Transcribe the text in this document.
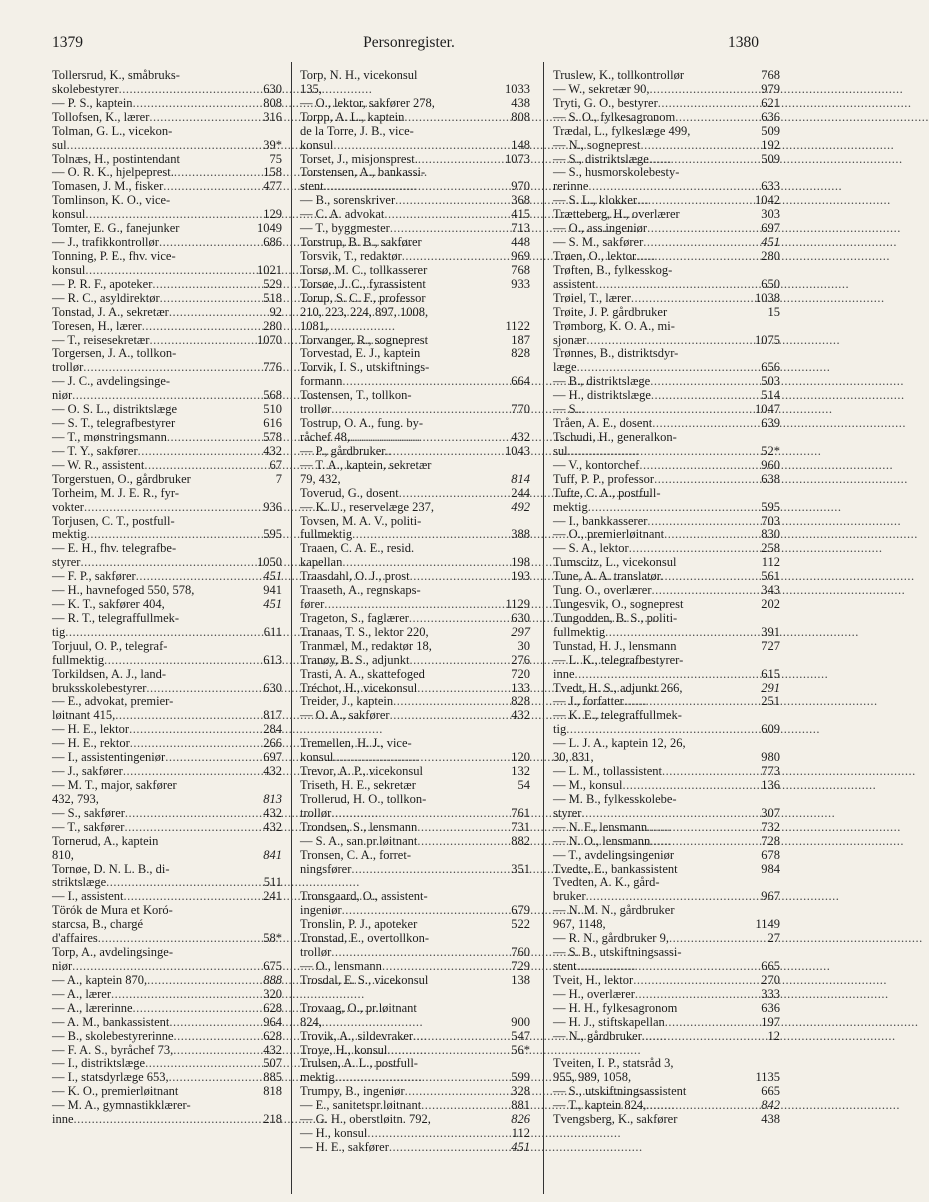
1379	Personregister.	1380
Tollersrud, K., småbruks-
skolebestyrer .....	630
— P. S., kaptein .....	808
Tollofsen, K., lærer .....	316
Tolman, G. L., vicekon-
sul .....	39*
Tolnæs, H., postintendant	75
— O. R. K., hjelpeprest. .....	158
Tomasen, J. M., fisker .....	477
Tomlinson, K. O., vice-
konsul .....	129
Tomter, E. G., fanejunker	1049
— J., trafikkontrollør .....	686
Tonning, P. E., fhv. vice-
konsul .....	1021
— P. R. F., apoteker .....	529
— R. C., asyldirektør .....	518
Tonstad, J. A., sekretær .....	92
Toresen, H., lærer .....	280
— T., reisesekretær .....	1070
Torgersen, J. A., tollkon-
trollør .....	776
— J. C., avdelingsinge-
niør .....	568
— O. S. L., distriktslæge	510
— S. T., telegrafbestyrer	616
— T., mønstringsmann .....	578
— T. Y., sakfører .....	432
— W. R., assistent .....	67
Torgerstuen, O., gårdbruker	7
Torheim, M. J. E. R., fyr-
vokter .....	936
Torjusen, C. T., postfull-
mektig .....	595
— E. H., fhv. telegrafbe-
styrer .....	1050
— F. P., sakfører .....	451
— H., havnefoged 550, 578,	941
— K. T., sakfører 404,	451
— R. T., telegraffullmek-
tig .....	611
Torjuul, O. P., telegraf-
fullmektig .....	613
Torkildsen, A. J., land-
bruksskolebestyrer .....	630
— E., advokat, premier-
løitnant 415, .....	817
— H. E., lektor .....	284
— H. E., rektor .....	266
— I., assistentingeniør .....	697
— J., sakfører .....	432
— M. T., major, sakfører
432, 793,	813
— S., sakfører .....	432
— T., sakfører .....	432
Tornerud, A., kaptein
810,	841
Tornøe, D. N. L. B., di-
striktslæge .....	511
— I., assistent .....	241
Törók de Mura et Koró-
starcsa, B., chargé
d'affaires .....	58*
Torp, A., avdelingsinge-
niør .....	675
— A., kaptein 870, .....	888
— A., lærer .....	320
— A., lærerinne .....	628
— A. M., bankassistent .....	964
— B., skolebestyrerinne .....	628
— F. A. S., byråchef 73, .....	432
— I., distriktslæge .....	507
— I., statsdyrlæge 653, .....	885
— K. O., premierløitnant	818
— M. A., gymnastikklærer-
inne .....	218
Torp, N. H., vicekonsul
135,	1033
— O., lektor, sakfører 278,	438
Torpp, A. L., kaptein .....	808
de la Torre, J. B., vice-
konsul .....	148
Torset, J., misjonsprest. .....	1073
Torstensen, A., bankassi-
stent .....	970
— B., sorenskriver .....	368
— C. A. advokat .....	415
— T., byggmester .....	713
Torstrup, B. B., sakfører	448
Torsvik, T., redaktør .....	969
Torsø, M. C., tollkasserer	768
Torsøe, J. C., fyrassistent	933
Torup, S. C. F., professor
210, 223, 224, 897, 1008,
1081,	1122
Torvanger, R., sogneprest	187
Torvestad, E. J., kaptein	828
Torvik, I. S., utskiftnings-
formann .....	664
Tostensen, T., tollkon-
trollør .....	770
Tostrup, O. A., fung. by-
råchef 48, .....	432
— P., gårdbruker .....	1043
— T. A., kaptein, sekretær
79, 432,	814
Toverud, G., dosent .....	244
— K. U., reservelæge 237,	492
Tovsen, M. A. V., politi-
fullmektig .....	388
Traaen, C. A. E., resid.
kapellan .....	198
Traasdahl, O. J., prost .....	193
Traaseth, A., regnskaps-
fører .....	1129
Trageton, S., faglærer .....	630
Tranaas, T. S., lektor 220,	297
Tranmæl, M., redaktør 18,	30
Tranøy, B. S., adjunkt .....	276
Trasti, A. A., skattefoged	720
Tréchot, H., vicekonsul .....	133
Treider, J., kaptein .....	828
— O. A., sakfører .....	432
Tremellen, H. J., vice-
konsul .....	120
Trevor, A. P., vicekonsul	132
Triseth, H. E., sekretær	54
Trollerud, H. O., tollkon-
trollør .....	761
Trondsen, S., lensmann .....	731
— S. A., san.pr.løitnant .....	882
Tronsen, C. A., forret-
ningsfører .....	351
Tronsgaard, O., assistent-
ingeniør .....	679
Tronslin, P. J., apoteker	522
Tronstad, E., overtollkon-
trollør .....	760
— O., lensmann .....	729
Trosdal, E. S., vicekonsul	138
Trovaag, O., pr.løitnant
824,	900
Trovik, A., sildevraker .....	547
Troye, H., konsul .....	56*
Trulsen, A. L., postfull-
mektig .....	599
Trumpy, B., ingeniør .....	328
— E., sanitetspr.løitnant .....	881
— G. H., oberstløitn. 792,	826
— H., konsul .....	112
— H. E., sakfører .....	451
Truslew, K., tollkontrollør	768
— W., sekretær 90, .....	979
Tryti, G. O., bestyrer .....	621
— S. O., fylkesagronom .....	636
Trædal, L., fylkeslæge 499,	509
— N., sogneprest .....	192
— S., distriktslæge .....	509
— S., husmorskolebesty-
rerinne .....	633
— S. L., klokker .....	1042
Trætteberg, H., overlærer	303
— O., ass.ingeniør .....	697
— S. M., sakfører .....	451
Trøen, O., lektor .....	280
Trøften, B., fylkesskog-
assistent .....	650
Trøiel, T., lærer .....	1038
Trøite, J. P. gårdbruker	15
Trømborg, K. O. A., mi-
sjonær .....	1075
Trønnes, B., distriktsdyr-
læge .....	656
— B., distriktslæge .....	503
— H., distriktslæge .....	514
— S. .....	1047
Tråen, A. E., dosent .....	639
Tschudi, H., generalkon-
sul .....	52*
— V., kontorchef .....	960
Tuff, P. P., professor .....	638
Tufte, C. A., postfull-
mektig .....	595
— I., bankkasserer .....	703
— O., premierløitnant .....	830
— S. A., lektor .....	258
Tumscitz, L., vicekonsul	112
Tune, A. A. translatør .....	561
Tung. O., overlærer .....	343
Tungesvik, O., sogneprest	202
Tungodden, B. S., politi-
fullmektig .....	391
Tunstad, H. J., lensmann	727
— L. K., telegrafbestyrer-
inne .....	615
Tvedt, H. S., adjunkt 266,	291
— J., forfatter .....	251
— K. E., telegraffullmek-
tig .....	609
— L. J. A., kaptein 12, 26,
30, 831,	980
— L. M., tollassistent .....	773
— M., konsul .....	136
— M. B., fylkesskolebe-
styrer .....	307
— N. F., lensmann .....	732
— N. O., lensmann .....	728
— T., avdelingsingeniør	678
Tvedte, E., bankassistent	984
Tvedten, A. K., gård-
bruker .....	967
— N. M. N., gårdbruker
967, 1148,	1149
— R. N., gårdbruker 9, .....	27
— S. B., utskiftningsassi-
stent .....	665
Tveit, H., lektor .....	270
— H., overlærer .....	333
— H. H., fylkesagronom	636
— H. J., stiftskapellan .....	197
— N., gårdbruker .....	12
Tveiten, I. P., statsråd 3,
955, 989, 1058,	1135
— S., utskiftningsassistent	665
— T., kaptein 824, .....	842
Tvengsberg, K., sakfører	438
